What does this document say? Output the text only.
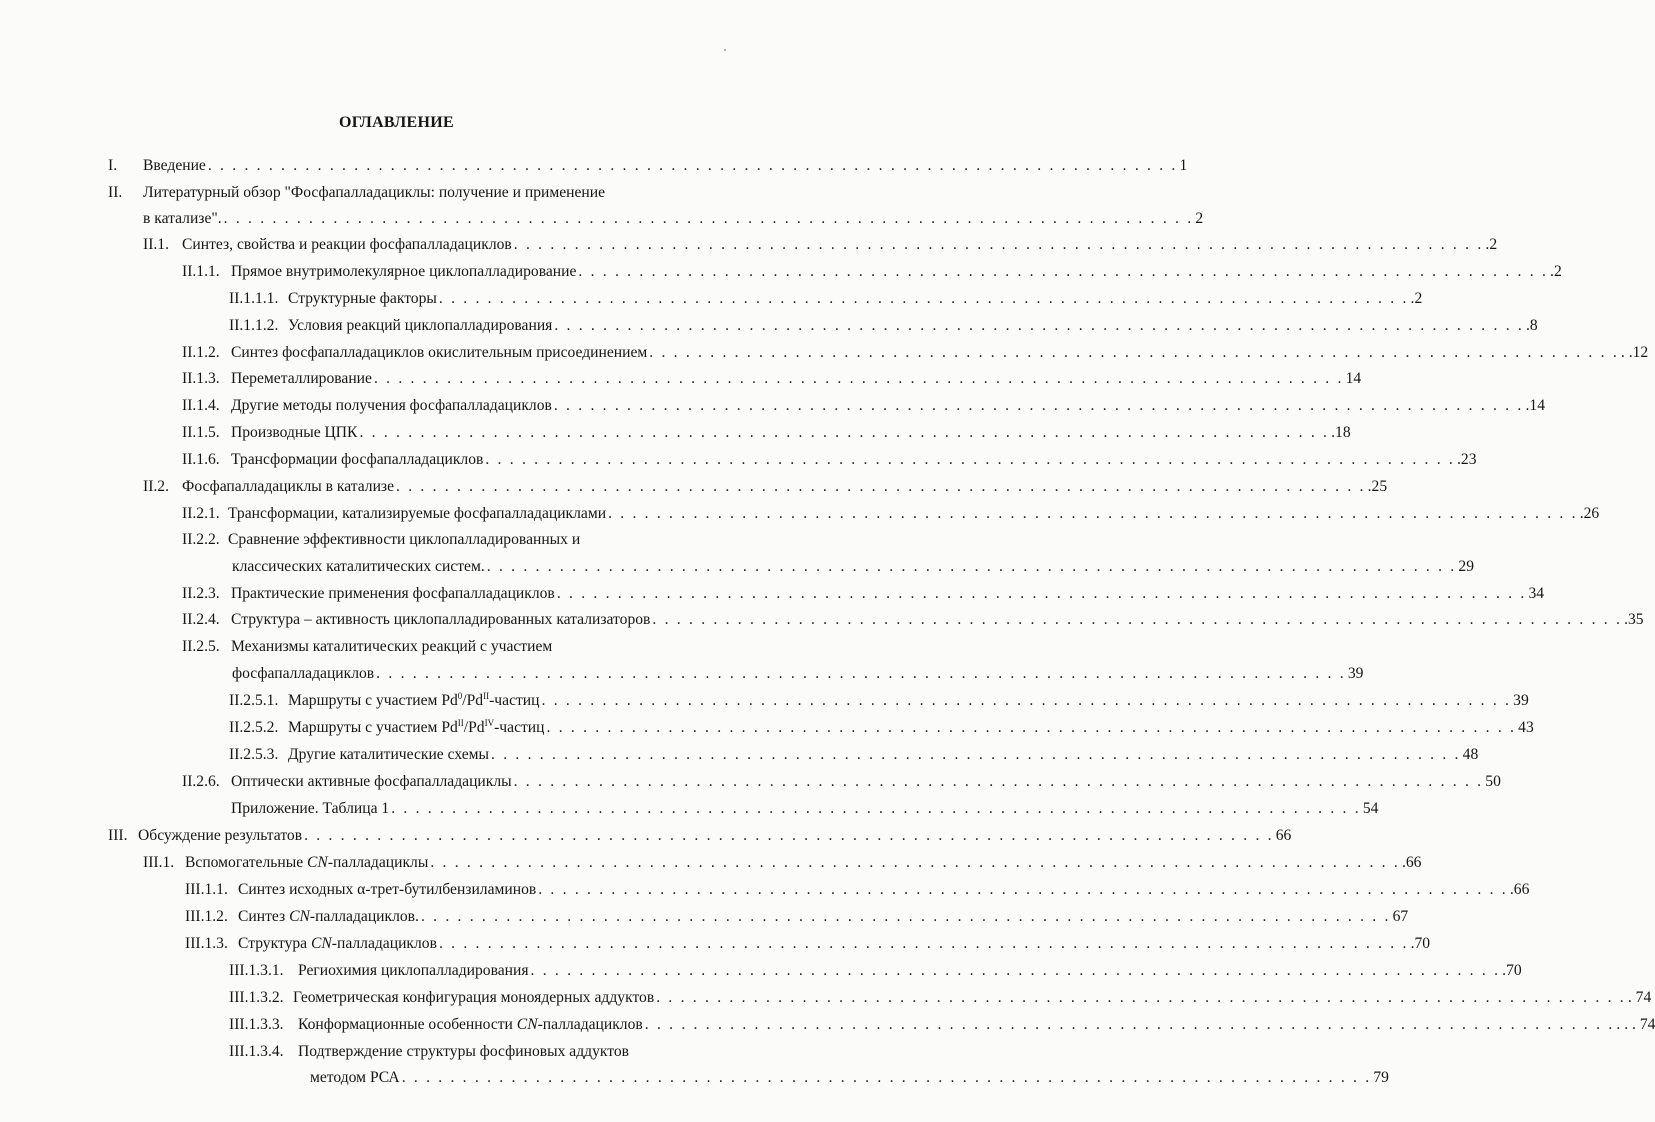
ОГЛАВЛЕНИЕ
I.	Введение . . . . . . . . . . . . . . . . . . . . . . . . . . . . . . . . . . . . . . . . . . . . . . . . . . . . . . . . . . . . . . . . . . . . . . . . . . . . . . . . 1
II.	Литературный обзор "Фосфапалладациклы: получение и применение
в катализе". . . . . . . . . . . . . . . . . . . . . . . . . . . . . . . . . . . . . . . . . . . . . . . . . . . . . . . . . . . . . . . . . . . . . . . . . . . . . . . . . 2
II.1. Синтез, свойства и реакции фосфапалладациклов . . . . . . . . . . . . . . . . . . . . . . . . . . . . . . . . . . . . . . . . . . . . . . . . . . . . . . . . . . . . . . . . . . . . . . . . . . . . . . . . .2
II.1.1. Прямое внутримолекулярное циклопалладирование . . . . . . . . . . . . . . . . . . . . . . . . . . . . . . . . . . . . . . . . . . . . . . . . . . . . . . . . . . . . . . . . . . . . . . . . . . . . . . . . .2
II.1.1.1. Структурные факторы . . . . . . . . . . . . . . . . . . . . . . . . . . . . . . . . . . . . . . . . . . . . . . . . . . . . . . . . . . . . . . . . . . . . . . . . . . . . . . . . .2
II.1.1.2. Условия реакций циклопалладирования . . . . . . . . . . . . . . . . . . . . . . . . . . . . . . . . . . . . . . . . . . . . . . . . . . . . . . . . . . . . . . . . . . . . . . . . . . . . . . . . .8
II.1.2. Синтез фосфапалладациклов окислительным присоединением . . . . . . . . . . . . . . . . . . . . . . . . . . . . . . . . . . . . . . . . . . . . . . . . . . . . . . . . . . . . . . . . . . . . . . . . . . . . . . . . . .12
II.1.3. Переметаллирование . . . . . . . . . . . . . . . . . . . . . . . . . . . . . . . . . . . . . . . . . . . . . . . . . . . . . . . . . . . . . . . . . . . . . . . . . . . . . . . . 14
II.1.4. Другие методы получения фосфапалладациклов . . . . . . . . . . . . . . . . . . . . . . . . . . . . . . . . . . . . . . . . . . . . . . . . . . . . . . . . . . . . . . . . . . . . . . . . . . . . . . . . .14
II.1.5. Производные ЦПК . . . . . . . . . . . . . . . . . . . . . . . . . . . . . . . . . . . . . . . . . . . . . . . . . . . . . . . . . . . . . . . . . . . . . . . . . . . . . . . . .18
II.1.6. Трансформации фосфапалладациклов . . . . . . . . . . . . . . . . . . . . . . . . . . . . . . . . . . . . . . . . . . . . . . . . . . . . . . . . . . . . . . . . . . . . . . . . . . . . . . . . .23
II.2. Фосфапалладациклы в катализе . . . . . . . . . . . . . . . . . . . . . . . . . . . . . . . . . . . . . . . . . . . . . . . . . . . . . . . . . . . . . . . . . . . . . . . . . . . . . . . . .25
II.2.1. Трансформации, катализируемые фосфапалладациклами . . . . . . . . . . . . . . . . . . . . . . . . . . . . . . . . . . . . . . . . . . . . . . . . . . . . . . . . . . . . . . . . . . . . . . . . . . . . . . . . .26
II.2.2. Сравнение эффективности циклопалладированных и
классических каталитических систем. . . . . . . . . . . . . . . . . . . . . . . . . . . . . . . . . . . . . . . . . . . . . . . . . . . . . . . . . . . . . . . . . . . . . . . . . . . . . . . . . 29
II.2.3. Практические применения фосфапалладациклов . . . . . . . . . . . . . . . . . . . . . . . . . . . . . . . . . . . . . . . . . . . . . . . . . . . . . . . . . . . . . . . . . . . . . . . . . . . . . . . . 34
II.2.4. Структура – активность циклопалладированных катализаторов . . . . . . . . . . . . . . . . . . . . . . . . . . . . . . . . . . . . . . . . . . . . . . . . . . . . . . . . . . . . . . . . . . . . . . . . . . . . . . . . .35
II.2.5. Механизмы каталитических реакций с участием
фосфапалладациклов . . . . . . . . . . . . . . . . . . . . . . . . . . . . . . . . . . . . . . . . . . . . . . . . . . . . . . . . . . . . . . . . . . . . . . . . . . . . . . . . 39
II.2.5.1. Маршруты с участием $Pd^0/Pd^{II}$-частиц . . . . . . . . . . . . . . . . . . . . . . . . . . . . . . . . . . . . . . . . . . . . . . . . . . . . . . . . . . . . . . . . . . . . . . . . . . . . . . . . 39
II.2.5.2. Маршруты с участием $Pd^{II}/Pd^{IV}$-частиц . . . . . . . . . . . . . . . . . . . . . . . . . . . . . . . . . . . . . . . . . . . . . . . . . . . . . . . . . . . . . . . . . . . . . . . . . . . . . . . . 43
II.2.5.3. Другие каталитические схемы . . . . . . . . . . . . . . . . . . . . . . . . . . . . . . . . . . . . . . . . . . . . . . . . . . . . . . . . . . . . . . . . . . . . . . . . . . . . . . . . 48
II.2.6. Оптически активные фосфапалладациклы . . . . . . . . . . . . . . . . . . . . . . . . . . . . . . . . . . . . . . . . . . . . . . . . . . . . . . . . . . . . . . . . . . . . . . . . . . . . . . . . 50
Приложение. Таблица 1 . . . . . . . . . . . . . . . . . . . . . . . . . . . . . . . . . . . . . . . . . . . . . . . . . . . . . . . . . . . . . . . . . . . . . . . . . . . . . . . . 54
III. Обсуждение результатов . . . . . . . . . . . . . . . . . . . . . . . . . . . . . . . . . . . . . . . . . . . . . . . . . . . . . . . . . . . . . . . . . . . . . . . . . . . . . . . . 66
III.1. Вспомогательные CN-палладациклы . . . . . . . . . . . . . . . . . . . . . . . . . . . . . . . . . . . . . . . . . . . . . . . . . . . . . . . . . . . . . . . . . . . . . . . . . . . . . . . . .66
III.1.1. Синтез исходных α-трет-бутилбензиламинов . . . . . . . . . . . . . . . . . . . . . . . . . . . . . . . . . . . . . . . . . . . . . . . . . . . . . . . . . . . . . . . . . . . . . . . . . . . . . . . . .66
III.1.2. Синтез CN-палладациклов. . . . . . . . . . . . . . . . . . . . . . . . . . . . . . . . . . . . . . . . . . . . . . . . . . . . . . . . . . . . . . . . . . . . . . . . . . . . . . . . . 67
III.1.3. Структура CN-палладациклов . . . . . . . . . . . . . . . . . . . . . . . . . . . . . . . . . . . . . . . . . . . . . . . . . . . . . . . . . . . . . . . . . . . . . . . . . . . . . . . . .70
III.1.3.1. Региохимия циклопалладирования . . . . . . . . . . . . . . . . . . . . . . . . . . . . . . . . . . . . . . . . . . . . . . . . . . . . . . . . . . . . . . . . . . . . . . . . . . . . . . . . .70
III.1.3.2. Геометрическая конфигурация моноядерных аддуктов . . . . . . . . . . . . . . . . . . . . . . . . . . . . . . . . . . . . . . . . . . . . . . . . . . . . . . . . . . . . . . . . . . . . . . . . . . . . . . . . . 74
III.1.3.3. Конформационные особенности CN-палладациклов . . . . . . . . . . . . . . . . . . . . . . . . . . . . . . . . . . . . . . . . . . . . . . . . . . . . . . . . . . . . . . . . . . . . . . . . . . . . . . . . . . . 74
III.1.3.4. Подтверждение структуры фосфиновых аддуктов
методом РСА . . . . . . . . . . . . . . . . . . . . . . . . . . . . . . . . . . . . . . . . . . . . . . . . . . . . . . . . . . . . . . . . . . . . . . . . . . . . . . . . 79
